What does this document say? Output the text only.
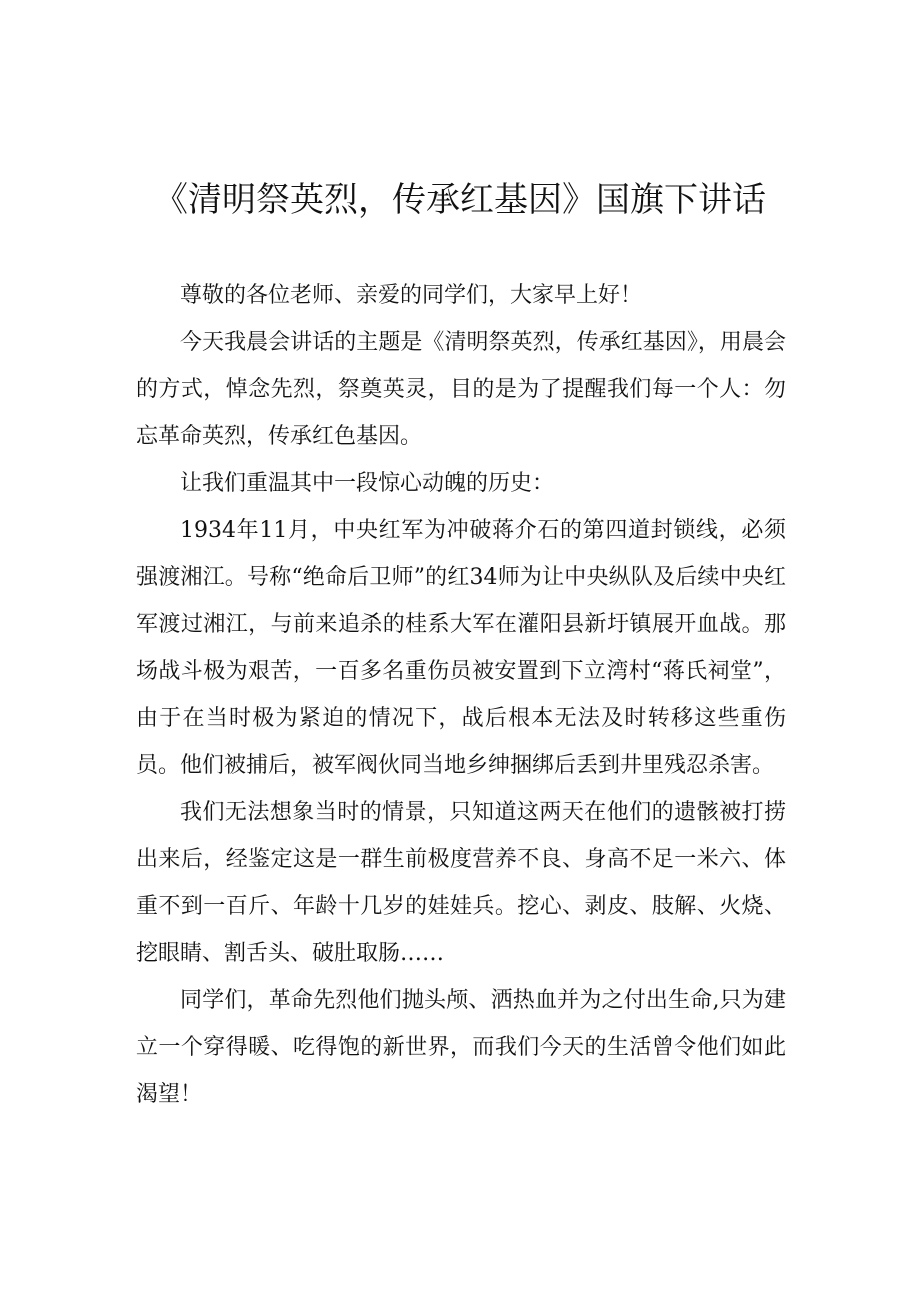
《清明祭英烈，传承红基因》国旗下讲话

尊敬的各位老师、亲爱的同学们，大家早上好！

今天我晨会讲话的主题是《清明祭英烈，传承红基因》，用晨会的方式，悼念先烈，祭奠英灵，目的是为了提醒我们每一个人：勿忘革命英烈，传承红色基因。

让我们重温其中一段惊心动魄的历史：

1934年11月，中央红军为冲破蒋介石的第四道封锁线，必须强渡湘江。号称“绝命后卫师”的红34师为让中央纵队及后续中央红军渡过湘江，与前来追杀的桂系大军在灌阳县新圩镇展开血战。那场战斗极为艰苦，一百多名重伤员被安置到下立湾村“蒋氏祠堂”，由于在当时极为紧迫的情况下，战后根本无法及时转移这些重伤员。他们被捕后，被军阀伙同当地乡绅捆绑后丢到井里残忍杀害。

我们无法想象当时的情景，只知道这两天在他们的遗骸被打捞出来后，经鉴定这是一群生前极度营养不良、身高不足一米六、体重不到一百斤、年龄十几岁的娃娃兵。挖心、剥皮、肢解、火烧、挖眼睛、割舌头、破肚取肠……

同学们，革命先烈他们抛头颅、洒热血并为之付出生命,只为建立一个穿得暖、吃得饱的新世界，而我们今天的生活曾令他们如此渴望！
